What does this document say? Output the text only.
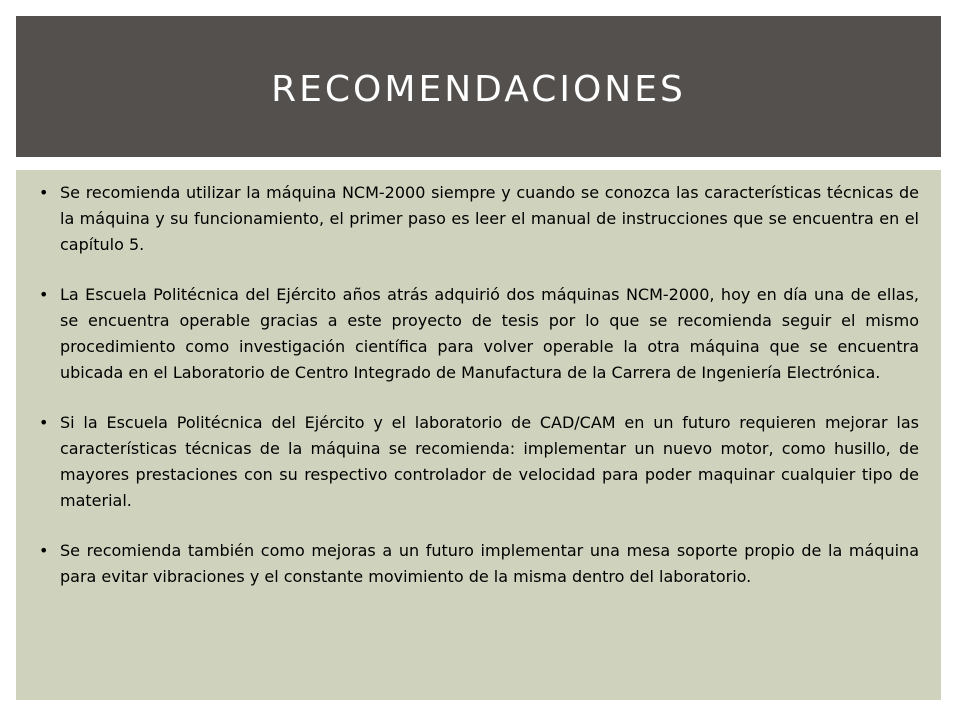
RECOMENDACIONES
• Se recomienda utilizar la máquina NCM-2000 siempre y cuando se conozca las características técnicas de la máquina y su funcionamiento, el primer paso es leer el manual de instrucciones que se encuentra en el capítulo 5.
• La Escuela Politécnica del Ejército años atrás adquirió dos máquinas NCM-2000, hoy en día una de ellas, se encuentra operable gracias a este proyecto de tesis por lo que se recomienda seguir el mismo procedimiento como investigación científica para volver operable la otra máquina que se encuentra ubicada en el Laboratorio de Centro Integrado de Manufactura de la Carrera de Ingeniería Electrónica.
• Si la Escuela Politécnica del Ejército y el laboratorio de CAD/CAM en un futuro requieren mejorar las características técnicas de la máquina se recomienda: implementar un nuevo motor, como husillo, de mayores prestaciones con su respectivo controlador de velocidad para poder maquinar cualquier tipo de material.
• Se recomienda también como mejoras a un futuro implementar una mesa soporte propio de la máquina para evitar vibraciones y el constante movimiento de la misma dentro del laboratorio.
